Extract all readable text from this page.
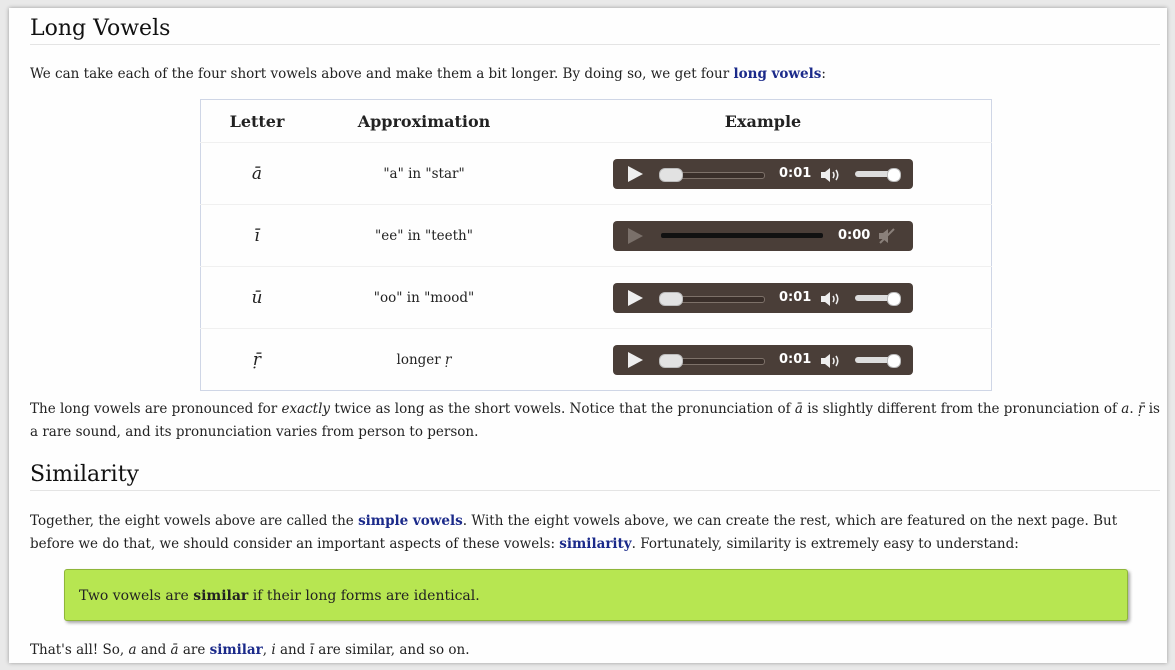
Long Vowels

We can take each of the four short vowels above and make them a bit longer. By doing so, we get four long vowels:

Letter	Approximation	Example
ā	"a" in "star"	0:01

ī	"ee" in "teeth"	0:00

ū	"oo" in "mood"	0:01

ṝ	longer ṛ	0:01

The long vowels are pronounced for exactly twice as long as the short vowels. Notice that the pronunciation of ā is slightly different from the pronunciation of a. ṝ is a rare sound, and its pronunciation varies from person to person.

Similarity

Together, the eight vowels above are called the simple vowels. With the eight vowels above, we can create the rest, which are featured on the next page. But before we do that, we should consider an important aspects of these vowels: similarity. Fortunately, similarity is extremely easy to understand:

Two vowels are similar if their long forms are identical.

That's all! So, a and ā are similar, i and ī are similar, and so on.
